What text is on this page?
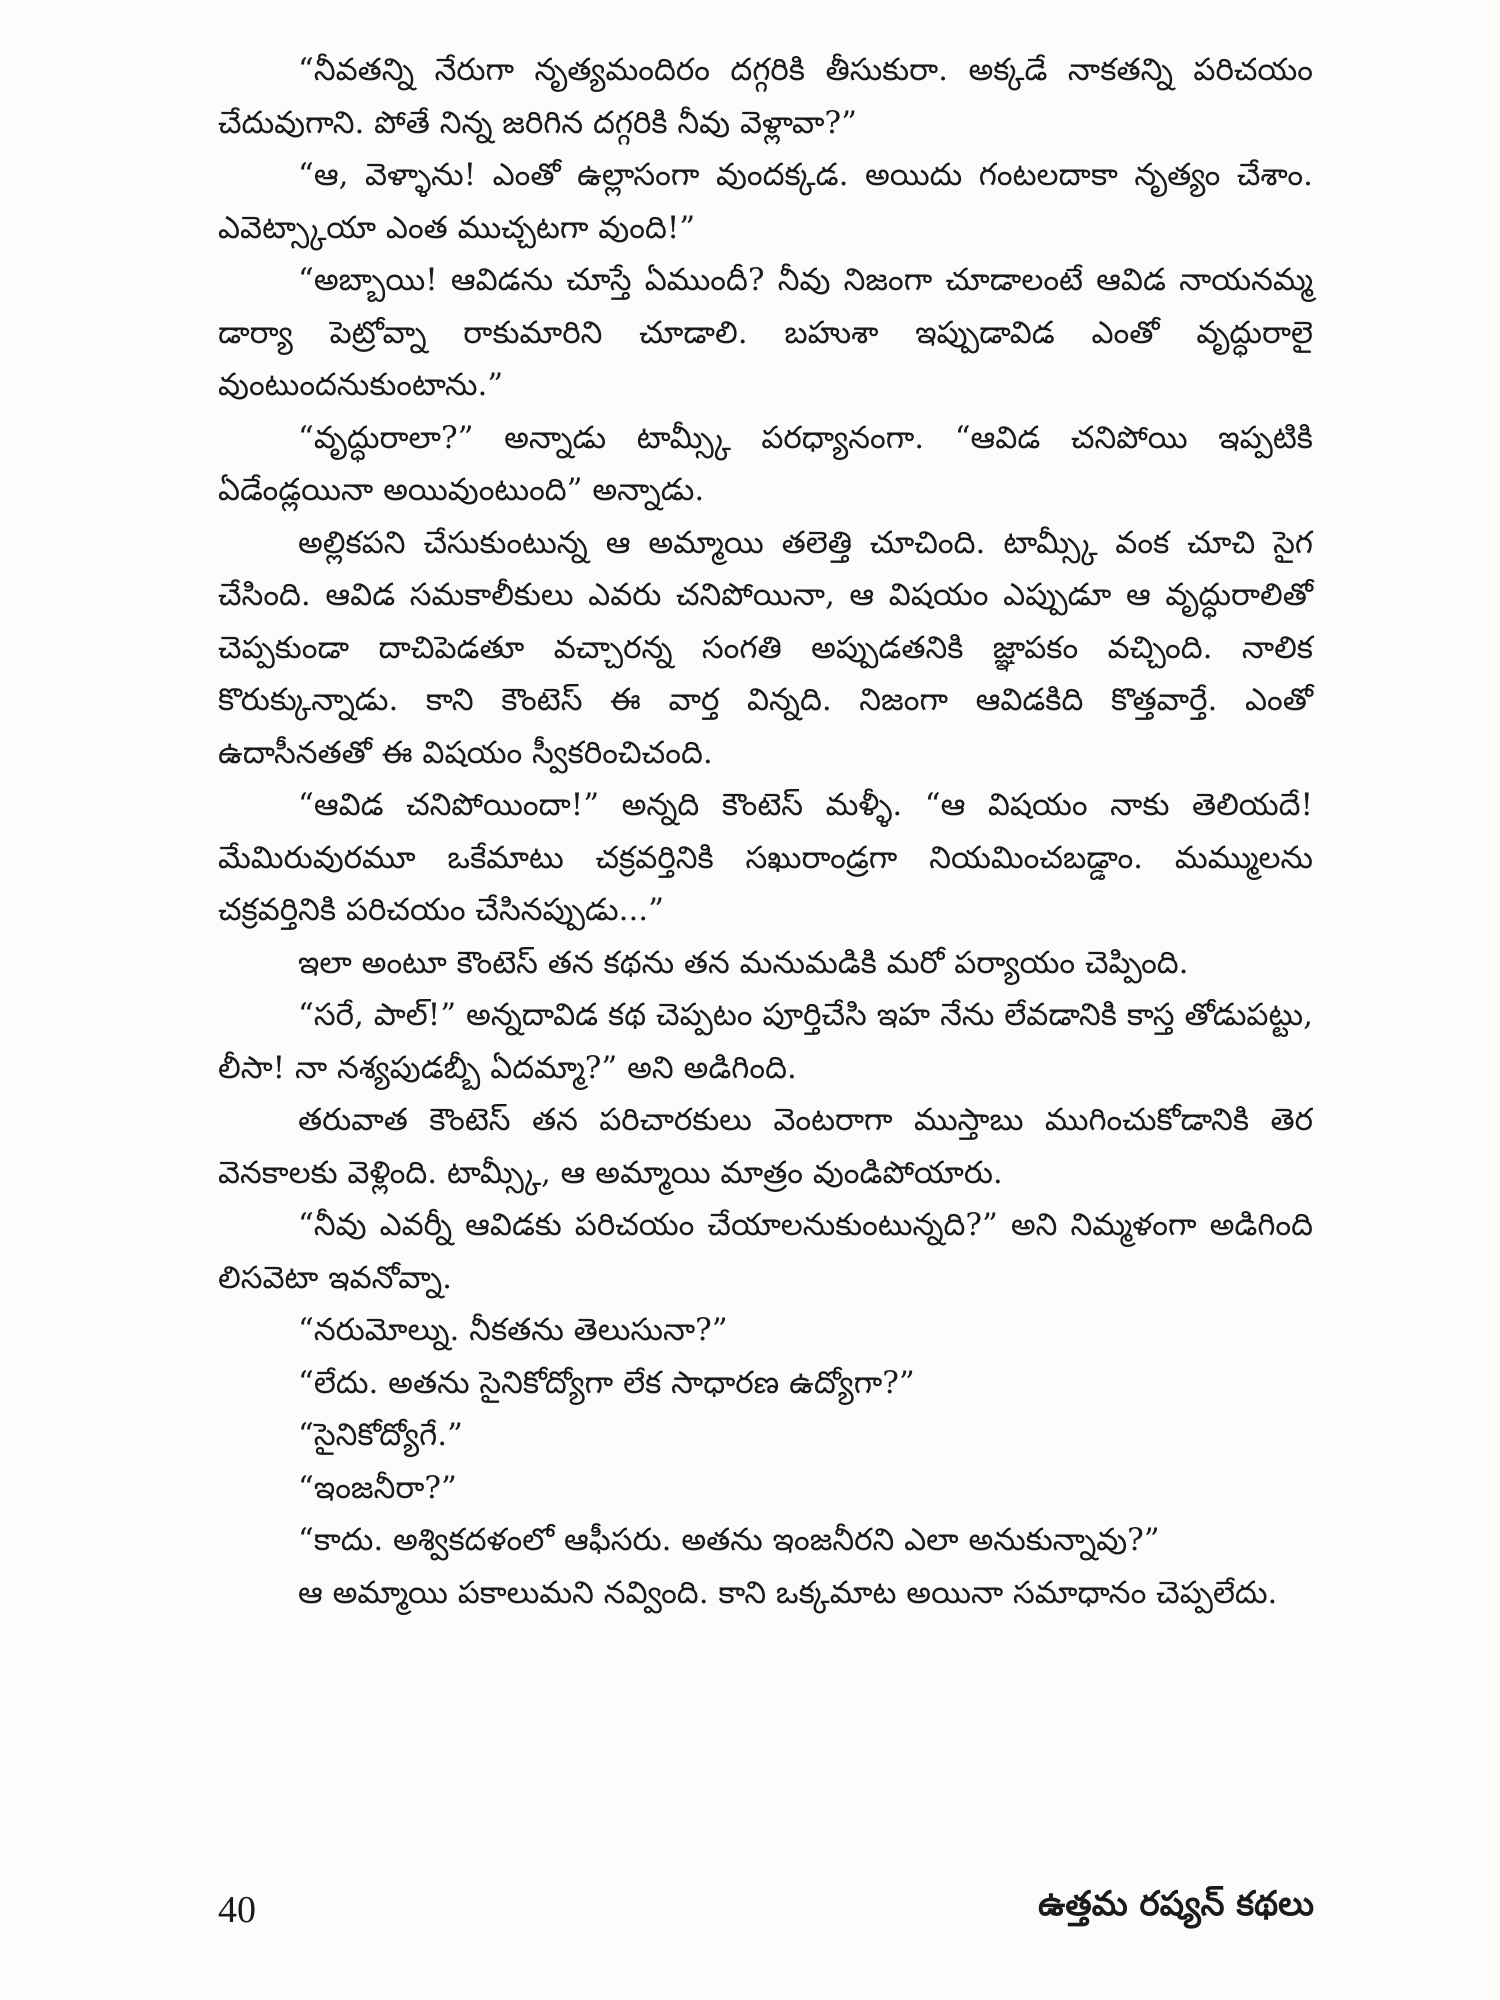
“నీవతన్ని నేరుగా నృత్యమందిరం దగ్గరికి తీసుకురా. అక్కడే నాకతన్ని పరిచయం చేదువుగాని. పోతే నిన్న జరిగిన దగ్గరికి నీవు వెళ్లావా?”

“ఆ, వెళ్ళాను! ఎంతో ఉల్లాసంగా వుందక్కడ. అయిదు గంటలదాకా నృత్యం చేశాం. ఎవెట్స్కాయా ఎంత ముచ్చటగా వుంది!”

“అబ్బాయి! ఆవిడను చూస్తే ఏముందీ? నీవు నిజంగా చూడాలంటే ఆవిడ నాయనమ్మ డార్యా పెట్రోవ్నా రాకుమారిని చూడాలి. బహుశా ఇప్పుడావిడ ఎంతో వృద్ధురాలై వుంటుందనుకుంటాను.”

“వృద్ధురాలా?” అన్నాడు టామ్స్కీ పరధ్యానంగా. “ఆవిడ చనిపోయి ఇప్పటికి ఏడేండ్లయినా అయివుంటుంది” అన్నాడు.

అల్లికపని చేసుకుంటున్న ఆ అమ్మాయి తలెత్తి చూచింది. టామ్స్కీ వంక చూచి సైగ చేసింది. ఆవిడ సమకాలీకులు ఎవరు చనిపోయినా, ఆ విషయం ఎప్పుడూ ఆ వృద్ధురాలితో చెప్పకుండా దాచిపెడతూ వచ్చారన్న సంగతి అప్పుడతనికి జ్ఞాపకం వచ్చింది. నాలిక కొరుక్కున్నాడు. కాని కౌంటెస్ ఈ వార్త విన్నది. నిజంగా ఆవిడకిది కొత్తవార్తే. ఎంతో ఉదాసీనతతో ఈ విషయం స్వీకరించిచంది.

“ఆవిడ చనిపోయిందా!” అన్నది కౌంటెస్ మళ్ళీ. “ఆ విషయం నాకు తెలియదే! మేమిరువురమూ ఒకేమాటు చక్రవర్తినికి సఖురాండ్రగా నియమించబడ్డాం. మమ్ములను చక్రవర్తినికి పరిచయం చేసినప్పుడు...”

ఇలా అంటూ కౌంటెస్ తన కథను తన మనుమడికి మరో పర్యాయం చెప్పింది.

“సరే, పాల్!” అన్నదావిడ కథ చెప్పటం పూర్తిచేసి ఇహ నేను లేవడానికి కాస్త తోడుపట్టు, లీసా! నా నశ్యపుడబ్బీ ఏదమ్మా?” అని అడిగింది.

తరువాత కౌంటెస్ తన పరిచారకులు వెంటరాగా ముస్తాబు ముగించుకోడానికి తెర వెనకాలకు వెళ్లింది. టామ్స్కీ, ఆ అమ్మాయి మాత్రం వుండిపోయారు.

“నీవు ఎవర్నీ ఆవిడకు పరిచయం చేయాలనుకుంటున్నది?” అని నిమ్మళంగా అడిగింది లిసవెటా ఇవనోవ్నా.

“నరుమోల్ను. నీకతను తెలుసునా?”

“లేదు. అతను సైనికోద్యోగా లేక సాధారణ ఉద్యోగా?”

“సైనికోద్యోగే.”

“ఇంజనీరా?”

“కాదు. అశ్వికదళంలో ఆఫీసరు. అతను ఇంజనీరని ఎలా అనుకున్నావు?”

ఆ అమ్మాయి పకాలుమని నవ్వింది. కాని ఒక్కమాట అయినా సమాధానం చెప్పలేదు.

40	ఉత్తమ రష్యన్ కథలు
